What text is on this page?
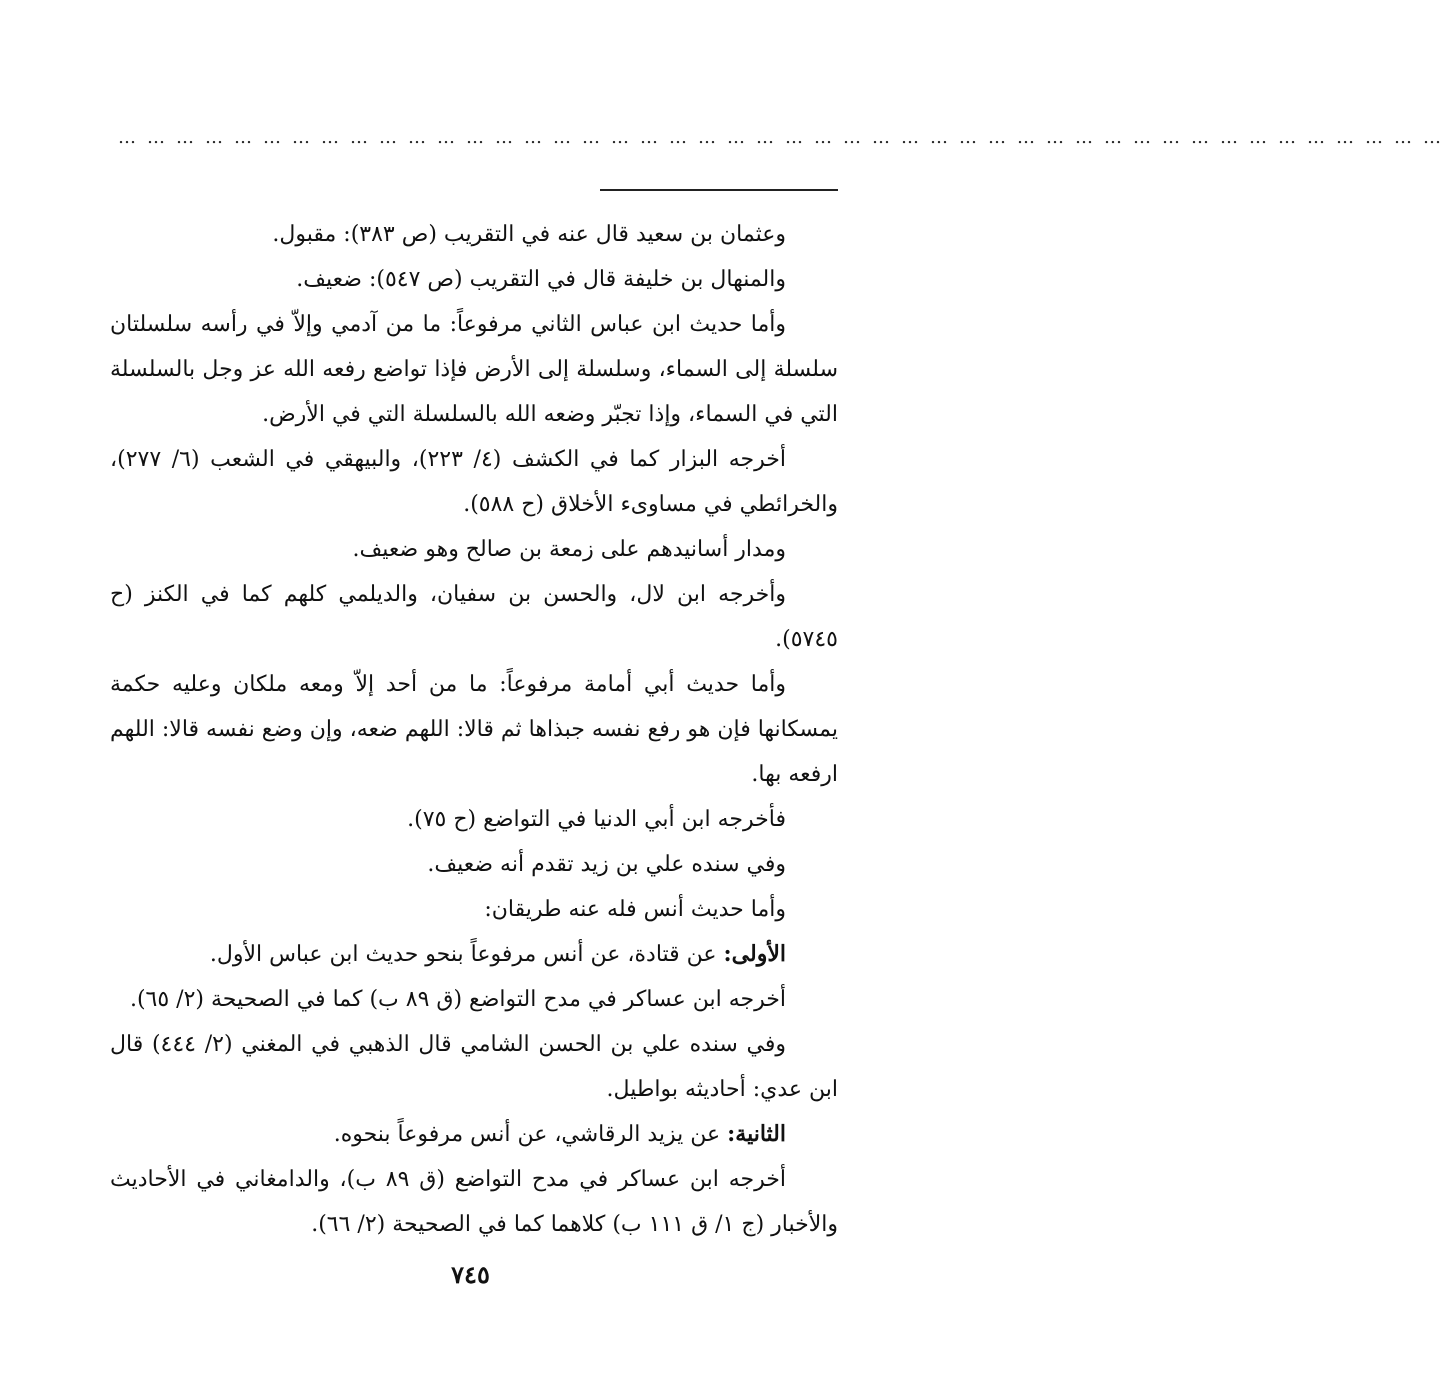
…………………………………………………………………………………………………………………………

وعثمان بن سعيد قال عنه في التقريب (ص ٣٨٣): مقبول.

والمنهال بن خليفة قال في التقريب (ص ٥٤٧): ضعيف.

وأما حديث ابن عباس الثاني مرفوعاً: ما من آدمي وإلاّ في رأسه سلسلتان سلسلة إلى السماء، وسلسلة إلى الأرض فإذا تواضع رفعه الله عز وجل بالسلسلة التي في السماء، وإذا تجبّر وضعه الله بالسلسلة التي في الأرض.

أخرجه البزار كما في الكشف (٤/ ٢٢٣)، والبيهقي في الشعب (٦/ ٢٧٧)، والخرائطي في مساوىء الأخلاق (ح ٥٨٨).

ومدار أسانيدهم على زمعة بن صالح وهو ضعيف.

وأخرجه ابن لال، والحسن بن سفيان، والديلمي كلهم كما في الكنز (ح ٥٧٤٥).

وأما حديث أبي أمامة مرفوعاً: ما من أحد إلاّ ومعه ملكان وعليه حكمة يمسكانها فإن هو رفع نفسه جبذاها ثم قالا: اللهم ضعه، وإن وضع نفسه قالا: اللهم ارفعه بها.

فأخرجه ابن أبي الدنيا في التواضع (ح ٧٥).

وفي سنده علي بن زيد تقدم أنه ضعيف.

وأما حديث أنس فله عنه طريقان:

الأولى: عن قتادة، عن أنس مرفوعاً بنحو حديث ابن عباس الأول.

أخرجه ابن عساكر في مدح التواضع (ق ٨٩ ب) كما في الصحيحة (٢/ ٦٥).

وفي سنده علي بن الحسن الشامي قال الذهبي في المغني (٢/ ٤٤٤) قال ابن عدي: أحاديثه بواطيل.

الثانية: عن يزيد الرقاشي، عن أنس مرفوعاً بنحوه.

أخرجه ابن عساكر في مدح التواضع (ق ٨٩ ب)، والدامغاني في الأحاديث والأخبار (ج ١/ ق ١١١ ب) كلاهما كما في الصحيحة (٢/ ٦٦).

٧٤٥
